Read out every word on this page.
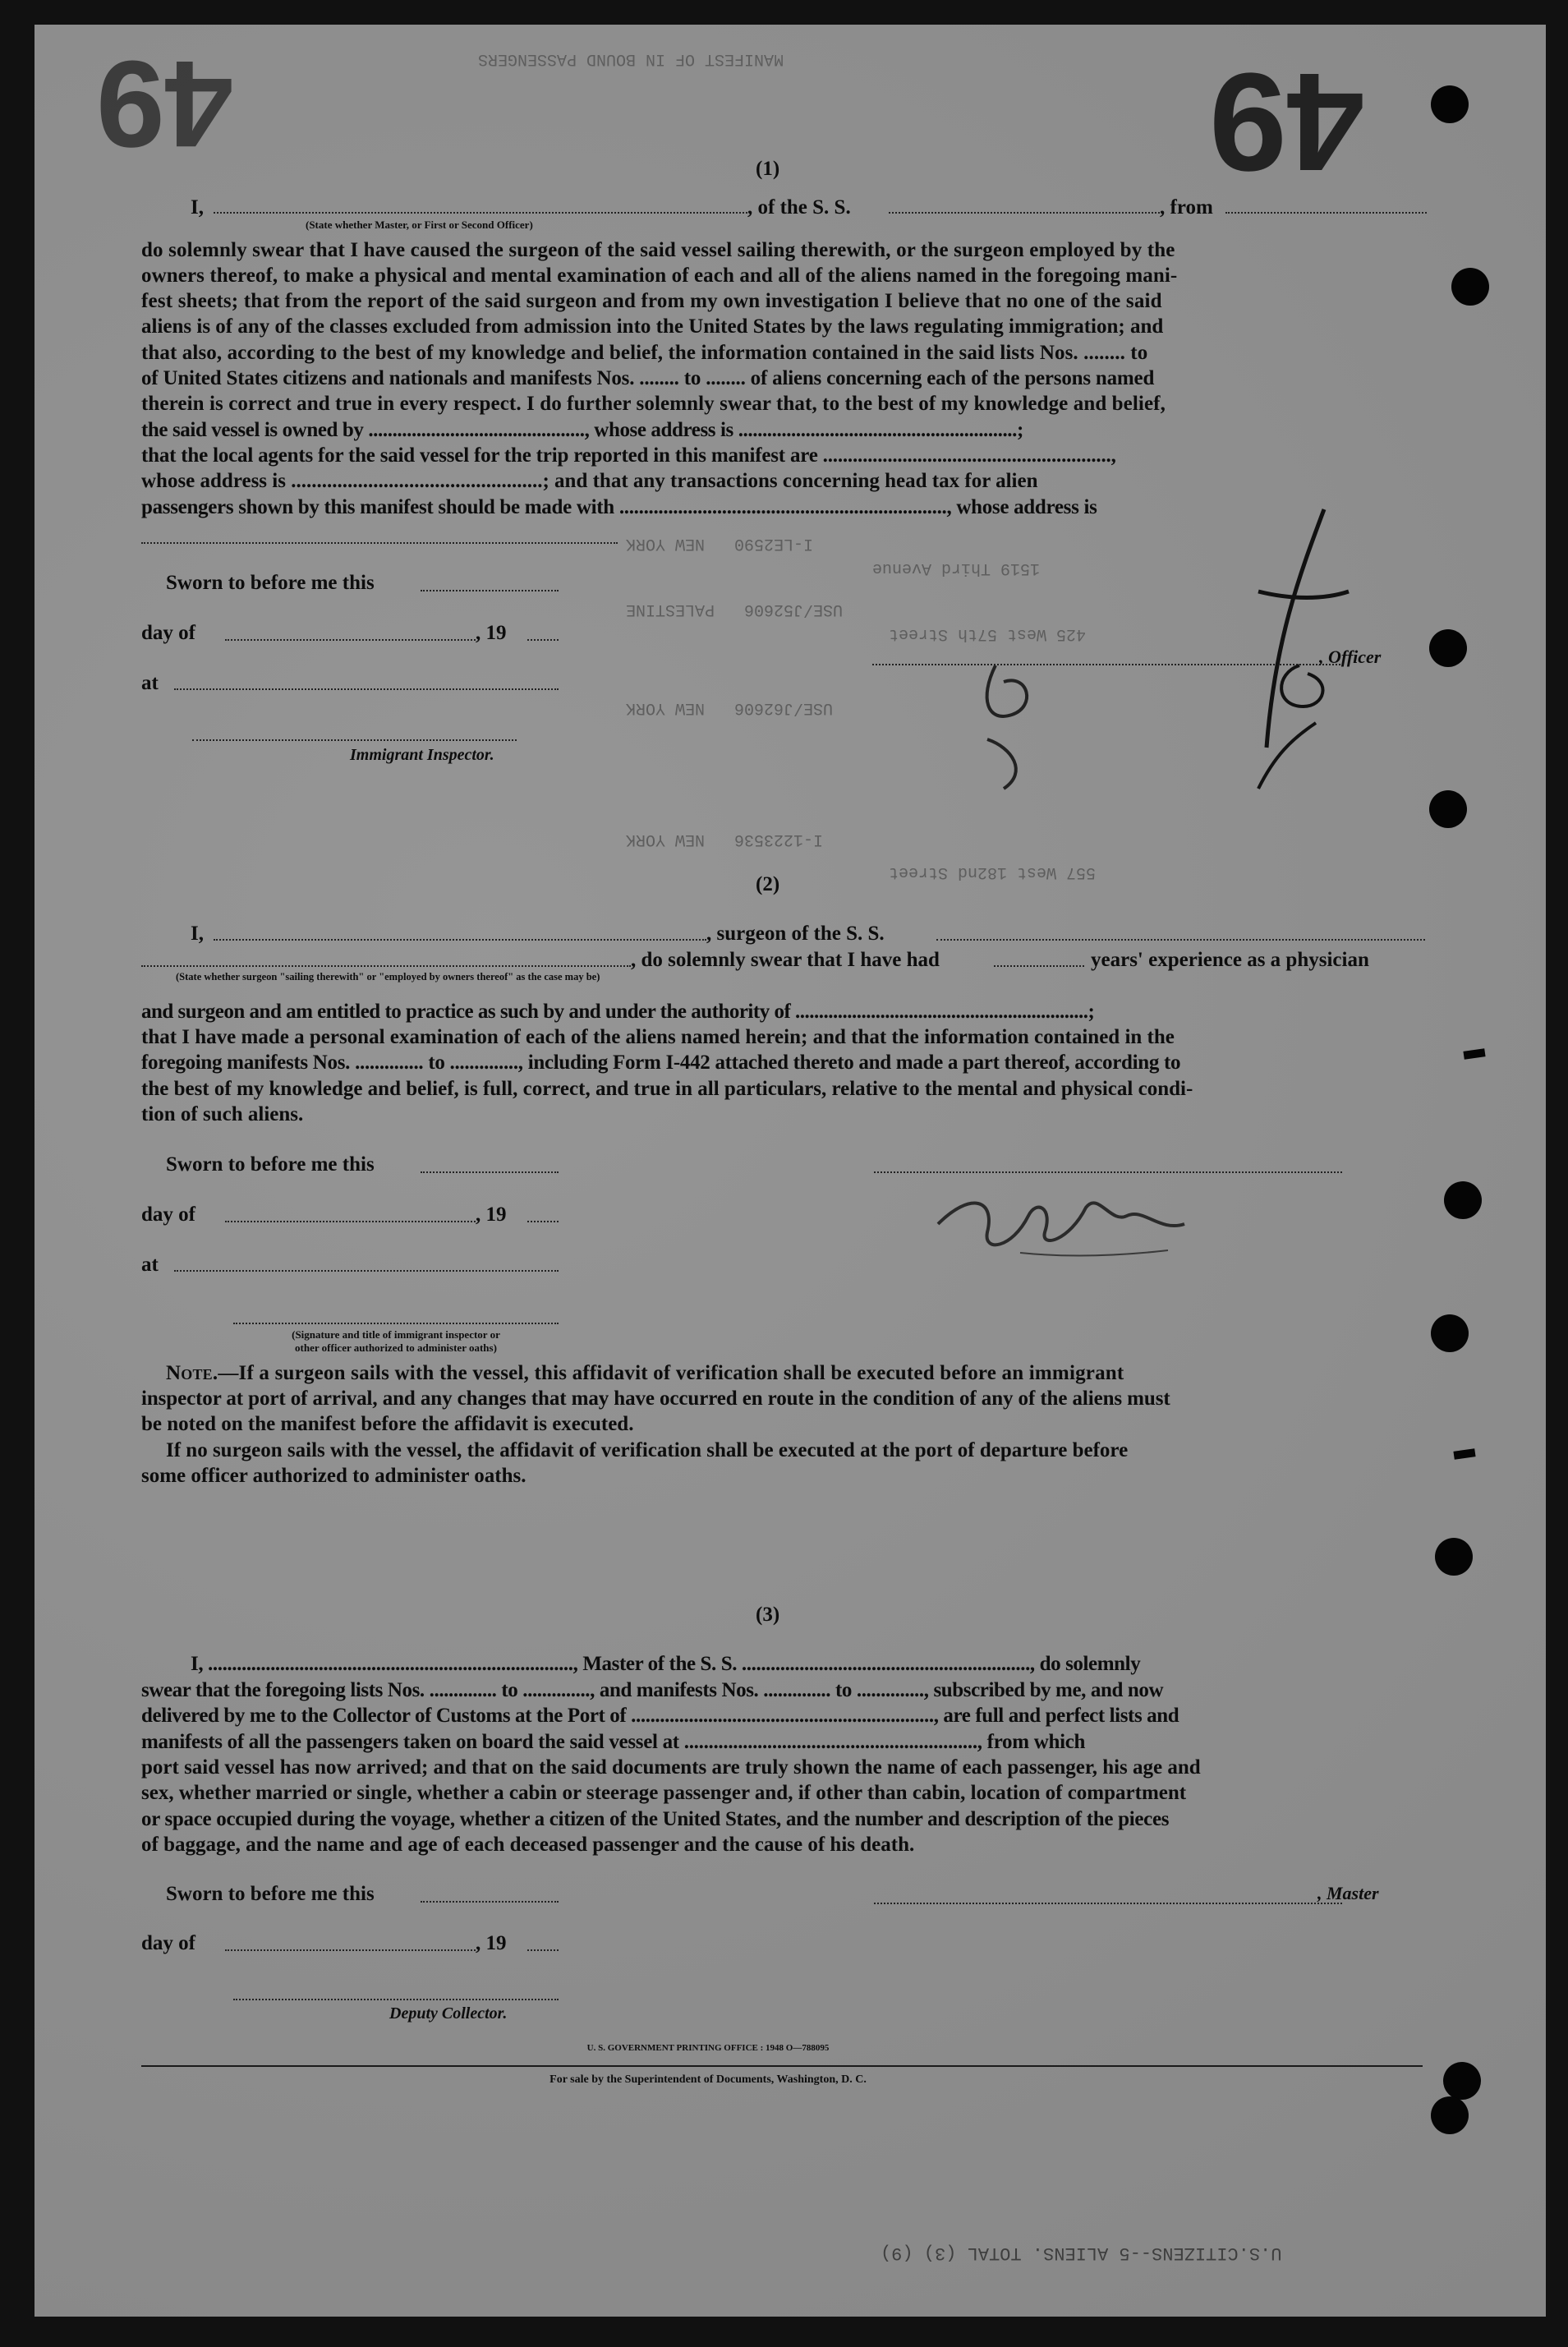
49	49
MANIFEST OF IN BOUND PASSENGERS
I-LE2590   NEW YORK
USE/J52606   PALESTINE
USE/J62606   NEW YORK
I-1223536   NEW YORK
1519 Third Avenue
425 West 57th Street
557 West 182nd Street
(1)
I,	, of the S. S.	, from
(State whether Master, or First or Second Officer)
do solemnly swear that I have caused the surgeon of the said vessel sailing therewith, or the surgeon employed by the
owners thereof, to make a physical and mental examination of each and all of the aliens named in the foregoing mani-
fest sheets; that from the report of the said surgeon and from my own investigation I believe that no one of the said
aliens is of any of the classes excluded from admission into the United States by the laws regulating immigration; and
that also, according to the best of my knowledge and belief, the information contained in the said lists Nos. ........ to
of United States citizens and nationals and manifests Nos. ........ to ........ of aliens concerning each of the persons named
therein is correct and true in every respect. I do further solemnly swear that, to the best of my knowledge and belief,
the said vessel is owned by ............................................., whose address is ..........................................................;
that the local agents for the said vessel for the trip reported in this manifest are ..........................................................,
whose address is .................................................; and that any transactions concerning head tax for alien
passengers shown by this manifest should be made with ..................................................................., whose address is
Sworn to before me this
day of	, 19
at
, Officer
Immigrant Inspector.
(2)
I,	, surgeon of the S. S.
, do solemnly swear that I have had	years' experience as a physician
(State whether surgeon "sailing therewith" or "employed by owners thereof" as the case may be)
and surgeon and am entitled to practice as such by and under the authority of ..............................................................;
that I have made a personal examination of each of the aliens named herein; and that the information contained in the
foregoing manifests Nos. .............. to .............., including Form I-442 attached thereto and made a part thereof, according to
the best of my knowledge and belief, is full, correct, and true in all particulars, relative to the mental and physical condi-
tion of such aliens.
Sworn to before me this
day of	, 19
at
(Signature and title of immigrant inspector or
other officer authorized to administer oaths)
Note.—If a surgeon sails with the vessel, this affidavit of verification shall be executed before an immigrant
inspector at port of arrival, and any changes that may have occurred en route in the condition of any of the aliens must
be noted on the manifest before the affidavit is executed.
If no surgeon sails with the vessel, the affidavit of verification shall be executed at the port of departure before
some officer authorized to administer oaths.
(3)
I, ............................................................................, Master of the S. S. ............................................................, do solemnly
swear that the foregoing lists Nos. .............. to .............., and manifests Nos. .............. to .............., subscribed by me, and now
delivered by me to the Collector of Customs at the Port of ..............................................................., are full and perfect lists and
manifests of all the passengers taken on board the said vessel at ............................................................, from which
port said vessel has now arrived; and that on the said documents are truly shown the name of each passenger, his age and
sex, whether married or single, whether a cabin or steerage passenger and, if other than cabin, location of compartment
or space occupied during the voyage, whether a citizen of the United States, and the number and description of the pieces
of baggage, and the name and age of each deceased passenger and the cause of his death.
Sworn to before me this	, Master
day of	, 19
Deputy Collector.
U. S. GOVERNMENT PRINTING OFFICE : 1948 O—788095
For sale by the Superintendent of Documents, Washington, D. C.
U.S.CITIZENS--5 ALIENS. TOTAL (3) (9)
